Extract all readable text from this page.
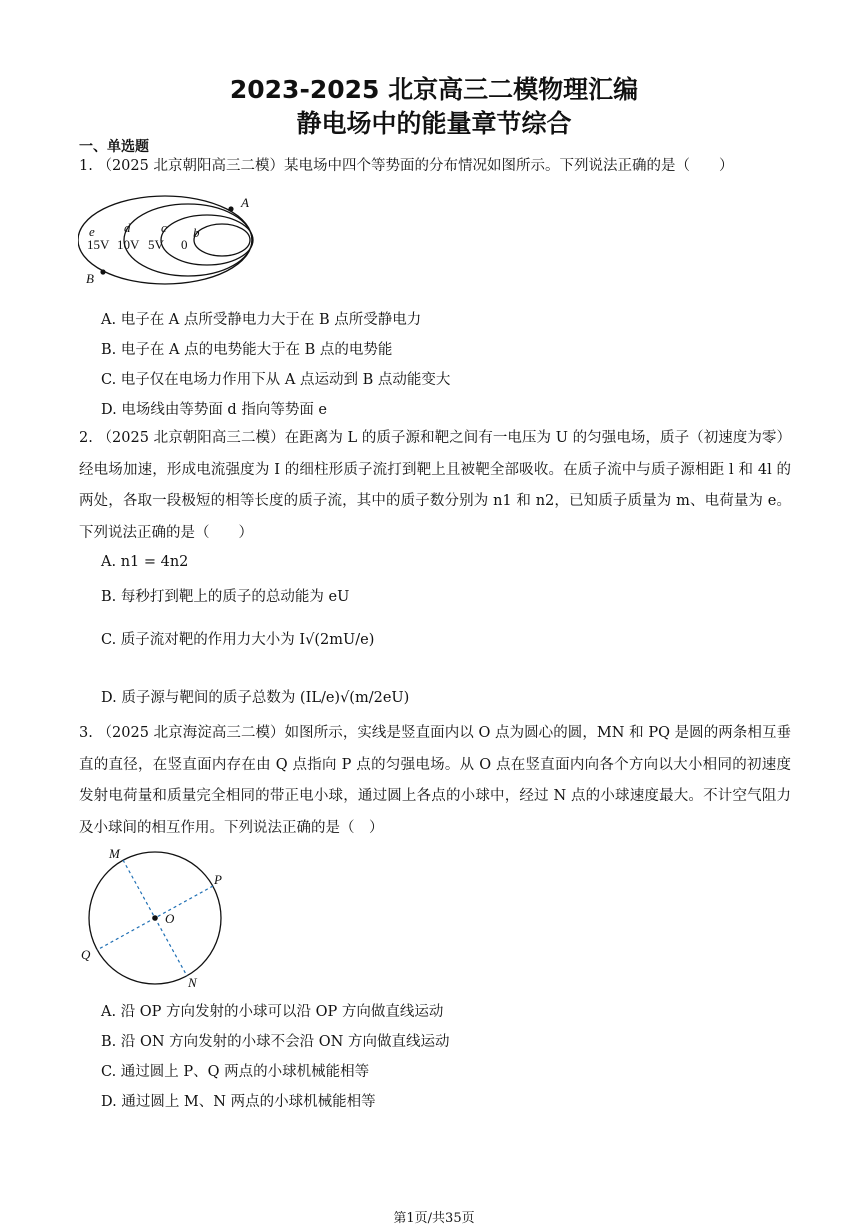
2023-2025 北京高三二模物理汇编
静电场中的能量章节综合
一、单选题
1. （2025 北京朝阳高三二模）某电场中四个等势面的分布情况如图所示。下列说法正确的是（　　）
A
B
e d c b
15V 10V 5V 0
A. 电子在 A 点所受静电力大于在 B 点所受静电力
B. 电子在 A 点的电势能大于在 B 点的电势能
C. 电子仅在电场力作用下从 A 点运动到 B 点动能变大
D. 电场线由等势面 d 指向等势面 e
2. （2025 北京朝阳高三二模）在距离为 L 的质子源和靶之间有一电压为 U 的匀强电场，质子（初速度为零）经电场加速，形成电流强度为 I 的细柱形质子流打到靶上且被靶全部吸收。在质子流中与质子源相距 l 和 4l 的两处，各取一段极短的相等长度的质子流，其中的质子数分别为 n1 和 n2，已知质子质量为 m、电荷量为 e。下列说法正确的是（　　）
A. n1 = 4n2
B. 每秒打到靶上的质子的总动能为 eU
C. 质子流对靶的作用力大小为 I√(2mU/e)
D. 质子源与靶间的质子总数为 (IL/e)√(m/2eU)
3. （2025 北京海淀高三二模）如图所示，实线是竖直面内以 O 点为圆心的圆，MN 和 PQ 是圆的两条相互垂直的直径，在竖直面内存在由 Q 点指向 P 点的匀强电场。从 O 点在竖直面内向各个方向以大小相同的初速度发射电荷量和质量完全相同的带正电小球，通过圆上各点的小球中，经过 N 点的小球速度最大。不计空气阻力及小球间的相互作用。下列说法正确的是（　）
M
P
O
Q
N
A. 沿 OP 方向发射的小球可以沿 OP 方向做直线运动
B. 沿 ON 方向发射的小球不会沿 ON 方向做直线运动
C. 通过圆上 P、Q 两点的小球机械能相等
D. 通过圆上 M、N 两点的小球机械能相等
第1页/共35页
